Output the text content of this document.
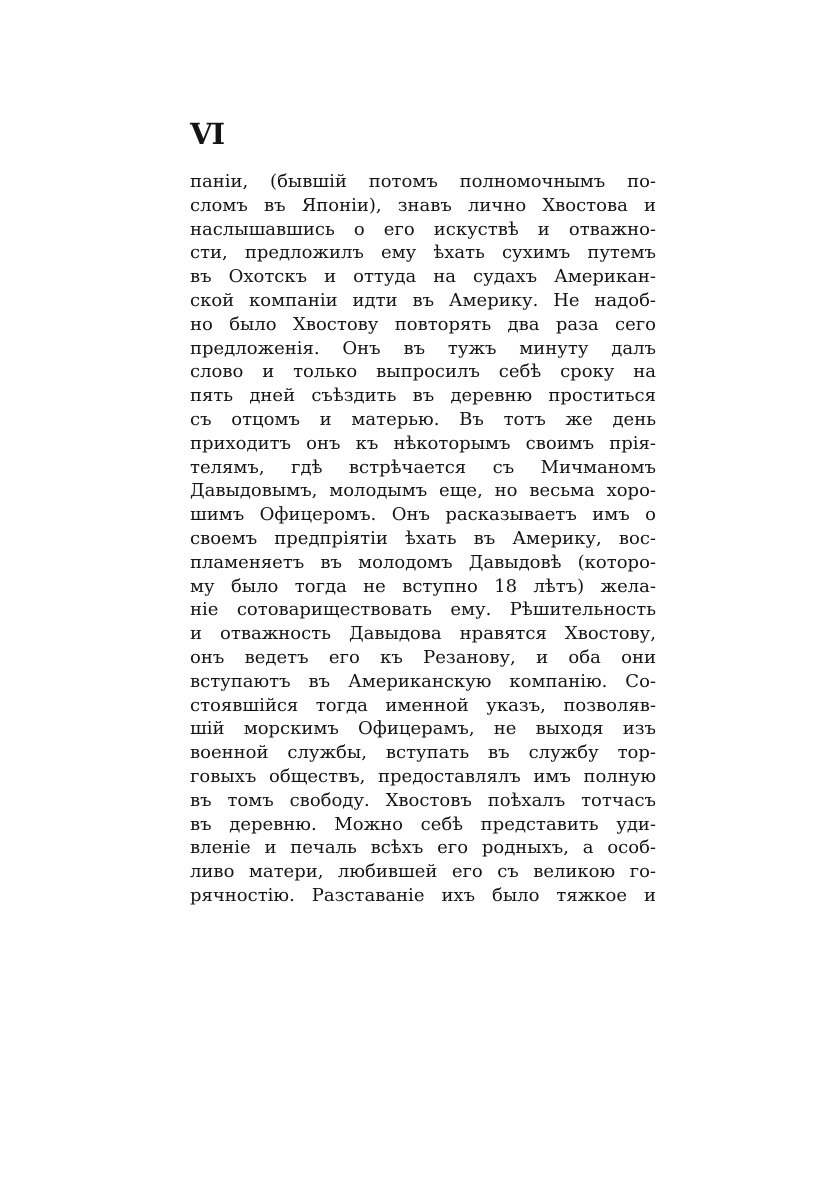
VI
паніи, (бывшій потомъ полномочнымъ по-
сломъ въ Японіи), знавъ лично Хвостова и
наслышавшись о его искуствѣ и отважно-
сти, предложилъ ему ѣхать сухимъ путемъ
въ Охотскъ и оттуда на судахъ Американ-
ской компаніи идти въ Америку. Не надоб-
но было Хвостову повторять два раза сего
предложенія. Онъ въ тужъ минуту далъ
слово и только выпросилъ себѣ сроку на
пять дней съѣздить въ деревню проститься
съ отцомъ и матерью. Въ тотъ же день
приходитъ онъ къ нѣкоторымъ своимъ прія-
телямъ, гдѣ встрѣчается съ Мичманомъ
Давыдовымъ, молодымъ еще, но весьма хоро-
шимъ Офицеромъ. Онъ расказываетъ имъ о
своемъ предпріятіи ѣхать въ Америку, вос-
пламеняетъ въ молодомъ Давыдовѣ (которо-
му было тогда не вступно 18 лѣтъ) жела-
ніе сотовариществовать ему. Рѣшительность
и отважность Давыдова нравятся Хвостову,
онъ ведетъ его къ Резанову, и оба они
вступаютъ въ Американскую компанію. Со-
стоявшійся тогда именной указъ, позволяв-
шій морскимъ Офицерамъ, не выходя изъ
военной службы, вступать въ службу тор-
говыхъ обществъ, предоставлялъ имъ полную
въ томъ свободу. Хвостовъ поѣхалъ тотчасъ
въ деревню. Можно себѣ представить уди-
вленіе и печаль всѣхъ его родныхъ, а особ-
ливо матери, любившей его съ великою го-
рячностію. Разставаніе ихъ было тяжкое и
